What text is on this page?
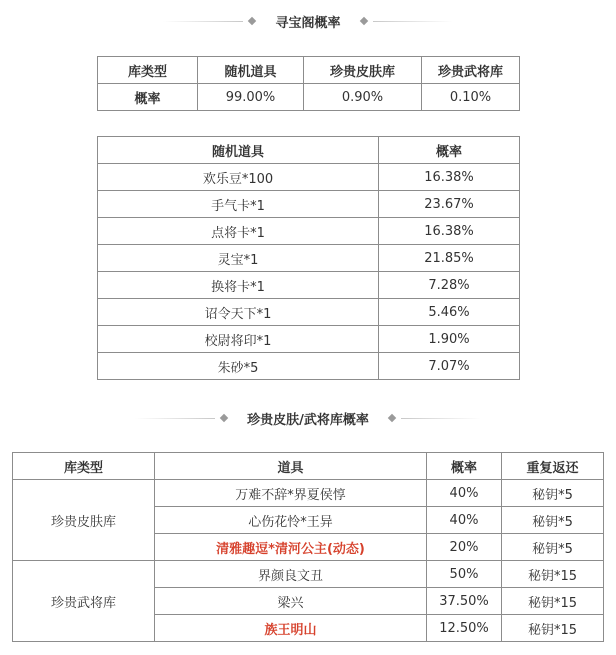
寻宝阁概率
库类型	随机道具	珍贵皮肤库	珍贵武将库
概率	99.00%	0.90%	0.10%
随机道具	概率
欢乐豆*100	16.38%
手气卡*1	23.67%
点将卡*1	16.38%
灵宝*1	21.85%
换将卡*1	7.28%
诏令天下*1	5.46%
校尉将印*1	1.90%
朱砂*5	7.07%
珍贵皮肤/武将库概率
库类型	道具	概率	重复返还
珍贵皮肤库	万难不辞*界夏侯惇	40%	秘钥*5
	心伤花怜*王异	40%	秘钥*5
	清雅趣逗*清河公主(动态)	20%	秘钥*5
珍贵武将库	界颜良文丑	50%	秘钥*15
	梁兴	37.50%	秘钥*15
	族王明山	12.50%	秘钥*15
